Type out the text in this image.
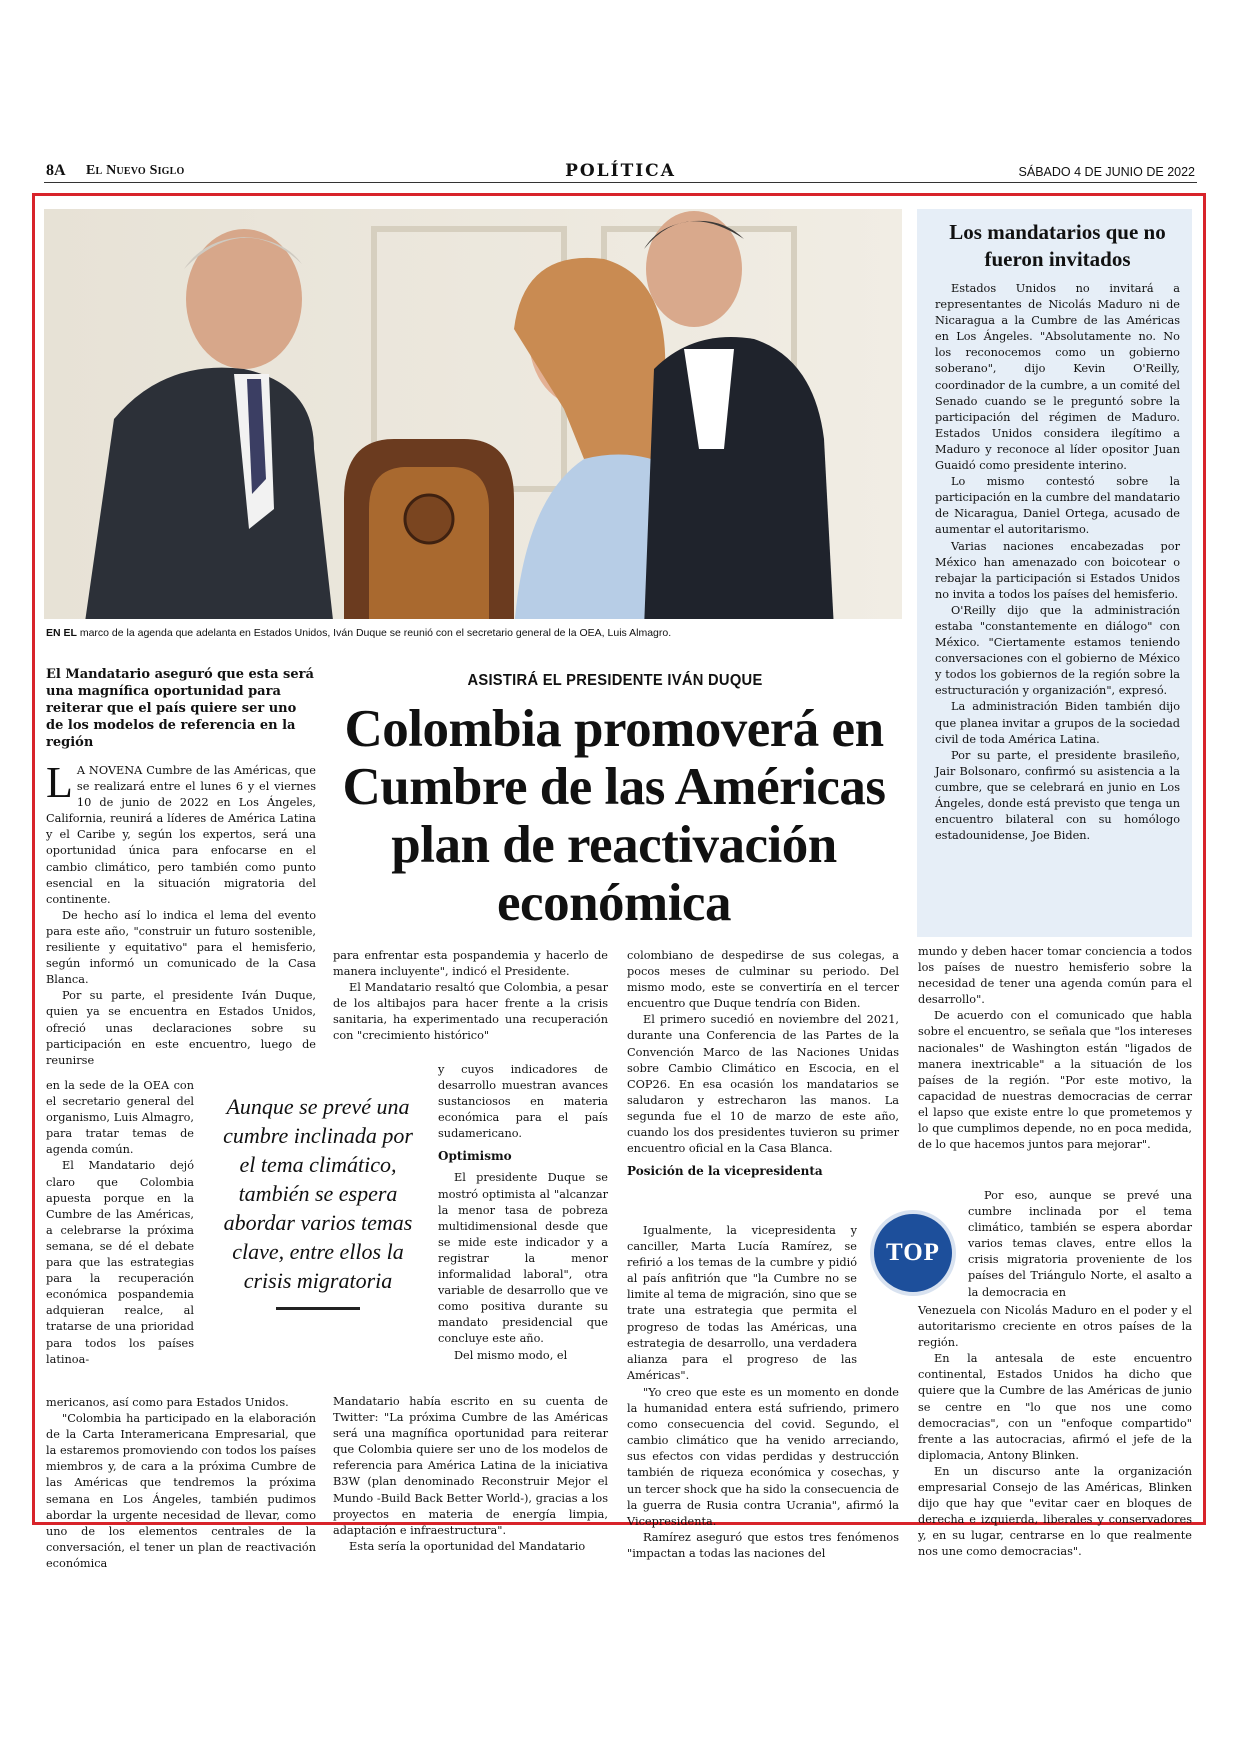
8A El Nuevo Siglo	POLÍTICA	SÁBADO 4 DE JUNIO DE 2022
EN EL marco de la agenda que adelanta en Estados Unidos, Iván Duque se reunió con el secretario general de la OEA, Luis Almagro.
Los mandatarios que no fueron invitados

Estados Unidos no invitará a representantes de Nicolás Maduro ni de Nicaragua a la Cumbre de las Américas en Los Ángeles. "Absolutamente no. No los reconocemos como un gobierno soberano", dijo Kevin O'Reilly, coordinador de la cumbre, a un comité del Senado cuando se le preguntó sobre la participación del régimen de Maduro. Estados Unidos considera ilegítimo a Maduro y reconoce al líder opositor Juan Guaidó como presidente interino.

Lo mismo contestó sobre la participación en la cumbre del mandatario de Nicaragua, Daniel Ortega, acusado de aumentar el autoritarismo.

Varias naciones encabezadas por México han amenazado con boicotear o rebajar la participación si Estados Unidos no invita a todos los países del hemisferio.

O'Reilly dijo que la administración estaba "constantemente en diálogo" con México. "Ciertamente estamos teniendo conversaciones con el gobierno de México y todos los gobiernos de la región sobre la estructuración y organización", expresó.

La administración Biden también dijo que planea invitar a grupos de la sociedad civil de toda América Latina.

Por su parte, el presidente brasileño, Jair Bolsonaro, confirmó su asistencia a la cumbre, que se celebrará en junio en Los Ángeles, donde está previsto que tenga un encuentro bilateral con su homólogo estadounidense, Joe Biden.

El Mandatario aseguró que esta será una magnífica oportunidad para reiterar que el país quiere ser uno de los modelos de referencia en la región
ASISTIRÁ EL PRESIDENTE IVÁN DUQUE
Colombia promoverá en Cumbre de las Américas plan de reactivación económica

L A NOVENA Cumbre de las Américas, que se realizará entre el lunes 6 y el viernes 10 de junio de 2022 en Los Ángeles, California, reunirá a líderes de América Latina y el Caribe y, según los expertos, será una oportunidad única para enfocarse en el cambio climático, pero también como punto esencial en la situación migratoria del continente.

De hecho así lo indica el lema del evento para este año, "construir un futuro sostenible, resiliente y equitativo" para el hemisferio, según informó un comunicado de la Casa Blanca.

Por su parte, el presidente Iván Duque, quien ya se encuentra en Estados Unidos, ofreció unas declaraciones sobre su participación en este encuentro, luego de reunirse

en la sede de la OEA con el secretario general del organismo, Luis Almagro, para tratar temas de agenda común.

El Mandatario dejó claro que Colombia apuesta porque en la Cumbre de las Américas, a celebrarse la próxima semana, se dé el debate para que las estrategias para la recuperación económica pospandemia adquieran realce, al tratarse de una prioridad para todos los países latinoa-

mericanos, así como para Estados Unidos.

"Colombia ha participado en la elaboración de la Carta Interamericana Empresarial, que la estaremos promoviendo con todos los países miembros y, de cara a la próxima Cumbre de las Américas que tendremos la próxima semana en Los Ángeles, también pudimos abordar la urgente necesidad de llevar, como uno de los elementos centrales de la conversación, el tener un plan de reactivación económica

Aunque se prevé una cumbre inclinada por el tema climático, también se espera abordar varios temas clave, entre ellos la crisis migratoria

para enfrentar esta pospandemia y hacerlo de manera incluyente", indicó el Presidente.

El Mandatario resaltó que Colombia, a pesar de los altibajos para hacer frente a la crisis sanitaria, ha experimentado una recuperación con "crecimiento histórico"

y cuyos indicadores de desarrollo muestran avances sustanciosos en materia económica para el país sudamericano.

Optimismo

El presidente Duque se mostró optimista al "alcanzar la menor tasa de pobreza multidimensional desde que se mide este indicador y a registrar la menor informalidad laboral", otra variable de desarrollo que ve como positiva durante su mandato presidencial que concluye este año.

Del mismo modo, el

Mandatario había escrito en su cuenta de Twitter: "La próxima Cumbre de las Américas será una magnífica oportunidad para reiterar que Colombia quiere ser uno de los modelos de referencia para América Latina de la iniciativa B3W (plan denominado Reconstruir Mejor el Mundo -Build Back Better World-), gracias a los proyectos en materia de energía limpia, adaptación e infraestructura".

Esta sería la oportunidad del Mandatario

colombiano de despedirse de sus colegas, a pocos meses de culminar su periodo. Del mismo modo, este se convertiría en el tercer encuentro que Duque tendría con Biden.

El primero sucedió en noviembre del 2021, durante una Conferencia de las Partes de la Convención Marco de las Naciones Unidas sobre Cambio Climático en Escocia, en el COP26. En esa ocasión los mandatarios se saludaron y estrecharon las manos. La segunda fue el 10 de marzo de este año, cuando los dos presidentes tuvieron su primer encuentro oficial en la Casa Blanca.

Posición de la vicepresidenta

Igualmente, la vicepresidenta y canciller, Marta Lucía Ramírez, se refirió a los temas de la cumbre y pidió al país anfitrión que "la Cumbre no se limite al tema de migración, sino que se trate una estrategia que permita el progreso de todas las Américas, una estrategia de desarrollo, una verdadera alianza para el progreso de las Américas".

"Yo creo que este es un momento en donde la humanidad entera está sufriendo, primero como consecuencia del covid. Segundo, el cambio climático que ha venido arreciando, sus efectos con vidas perdidas y destrucción también de riqueza económica y cosechas, y un tercer shock que ha sido la consecuencia de la guerra de Rusia contra Ucrania", afirmó la Vicepresidenta.

Ramírez aseguró que estos tres fenómenos "impactan a todas las naciones del

mundo y deben hacer tomar conciencia a todos los países de nuestro hemisferio sobre la necesidad de tener una agenda común para el desarrollo".

De acuerdo con el comunicado que habla sobre el encuentro, se señala que "los intereses nacionales" de Washington están "ligados de manera inextricable" a la situación de los países de la región. "Por este motivo, la capacidad de nuestras democracias de cerrar el lapso que existe entre lo que prometemos y lo que cumplimos depende, no en poca medida, de lo que hacemos juntos para mejorar".

Por eso, aunque se prevé una cumbre inclinada por el tema climático, también se espera abordar varios temas claves, entre ellos la crisis migratoria proveniente de los países del Triángulo Norte, el asalto a la democracia en

Venezuela con Nicolás Maduro en el poder y el autoritarismo creciente en otros países de la región.

En la antesala de este encuentro continental, Estados Unidos ha dicho que quiere que la Cumbre de las Américas de junio se centre en "lo que nos une como democracias", con un "enfoque compartido" frente a las autocracias, afirmó el jefe de la diplomacia, Antony Blinken.

En un discurso ante la organización empresarial Consejo de las Américas, Blinken dijo que hay que "evitar caer en bloques de derecha e izquierda, liberales y conservadores y, en su lugar, centrarse en lo que realmente nos une como democracias".

TOP
